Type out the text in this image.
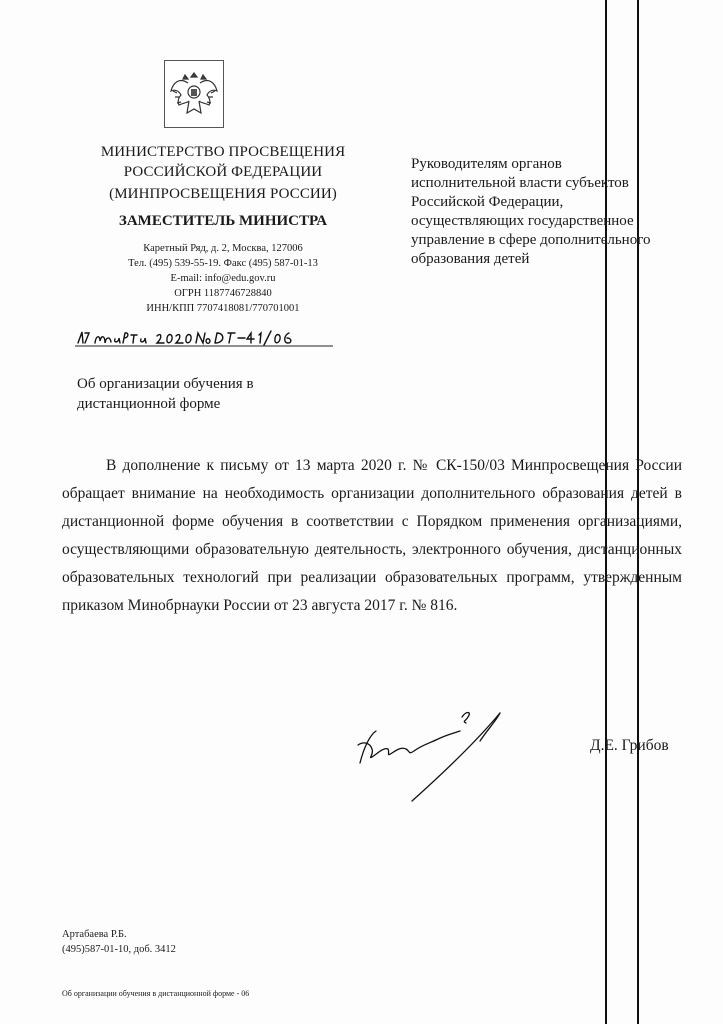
МИНИСТЕРСТВО ПРОСВЕЩЕНИЯ
РОССИЙСКОЙ ФЕДЕРАЦИИ
(МИНПРОСВЕЩЕНИЯ РОССИИ)
ЗАМЕСТИТЕЛЬ МИНИСТРА
Каретный Ряд, д. 2, Москва, 127006
Тел. (495) 539-55-19. Факс (495) 587-01-13
E-mail: info@edu.gov.ru
ОГРН 1187746728840
ИНН/КПП 7707418081/770701001
Об организации обучения в
дистанционной форме
Руководителям органов
исполнительной власти субъектов
Российской Федерации,
осуществляющих государственное
управление в сфере дополнительного
образования детей
В дополнение к письму от 13 марта 2020 г. № СК-150/03 Минпросвещения России обращает внимание на необходимость организации дополнительного образования детей в дистанционной форме обучения в соответствии с Порядком применения организациями, осуществляющими образовательную деятельность, электронного обучения, дистанционных образовательных технологий при реализации образовательных программ, утвержденным приказом Минобрнауки России от 23 августа 2017 г. № 816.
Д.Е. Грибов
Артабаева Р.Б.
(495)587-01-10, доб. 3412
Об организации обучения в дистанционной форме - 06
